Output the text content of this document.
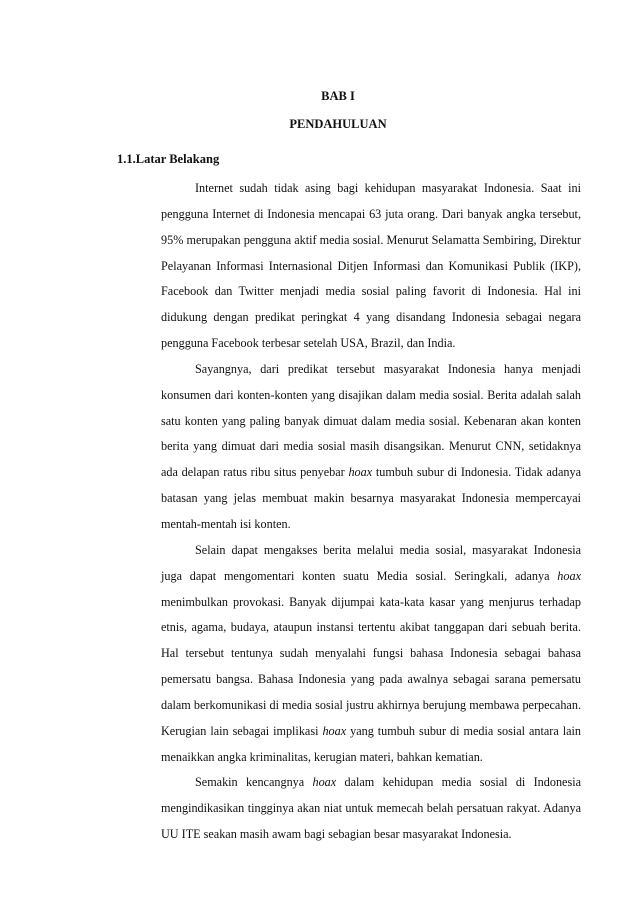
BAB I
PENDAHULUAN
1.1.Latar Belakang

Internet sudah tidak asing bagi kehidupan masyarakat Indonesia. Saat ini pengguna Internet di Indonesia mencapai 63 juta orang. Dari banyak angka tersebut, 95% merupakan pengguna aktif media sosial. Menurut Selamatta Sembiring, Direktur Pelayanan Informasi Internasional Ditjen Informasi dan Komunikasi Publik (IKP), Facebook dan Twitter menjadi media sosial paling favorit di Indonesia. Hal ini didukung dengan predikat peringkat 4 yang disandang Indonesia sebagai negara pengguna Facebook terbesar setelah USA, Brazil, dan India.

Sayangnya, dari predikat tersebut masyarakat Indonesia hanya menjadi konsumen dari konten-konten yang disajikan dalam media sosial. Berita adalah salah satu konten yang paling banyak dimuat dalam media sosial. Kebenaran akan konten berita yang dimuat dari media sosial masih disangsikan. Menurut CNN, setidaknya ada delapan ratus ribu situs penyebar hoax tumbuh subur di Indonesia. Tidak adanya batasan yang jelas membuat makin besarnya masyarakat Indonesia mempercayai mentah-mentah isi konten.

Selain dapat mengakses berita melalui media sosial, masyarakat Indonesia juga dapat mengomentari konten suatu Media sosial. Seringkali, adanya hoax menimbulkan provokasi. Banyak dijumpai kata-kata kasar yang menjurus terhadap etnis, agama, budaya, ataupun instansi tertentu akibat tanggapan dari sebuah berita. Hal tersebut tentunya sudah menyalahi fungsi bahasa Indonesia sebagai bahasa pemersatu bangsa. Bahasa Indonesia yang pada awalnya sebagai sarana pemersatu dalam berkomunikasi di media sosial justru akhirnya berujung membawa perpecahan. Kerugian lain sebagai implikasi hoax yang tumbuh subur di media sosial antara lain menaikkan angka kriminalitas, kerugian materi, bahkan kematian.

Semakin kencangnya hoax dalam kehidupan media sosial di Indonesia mengindikasikan tingginya akan niat untuk memecah belah persatuan rakyat. Adanya UU ITE seakan masih awam bagi sebagian besar masyarakat Indonesia.
